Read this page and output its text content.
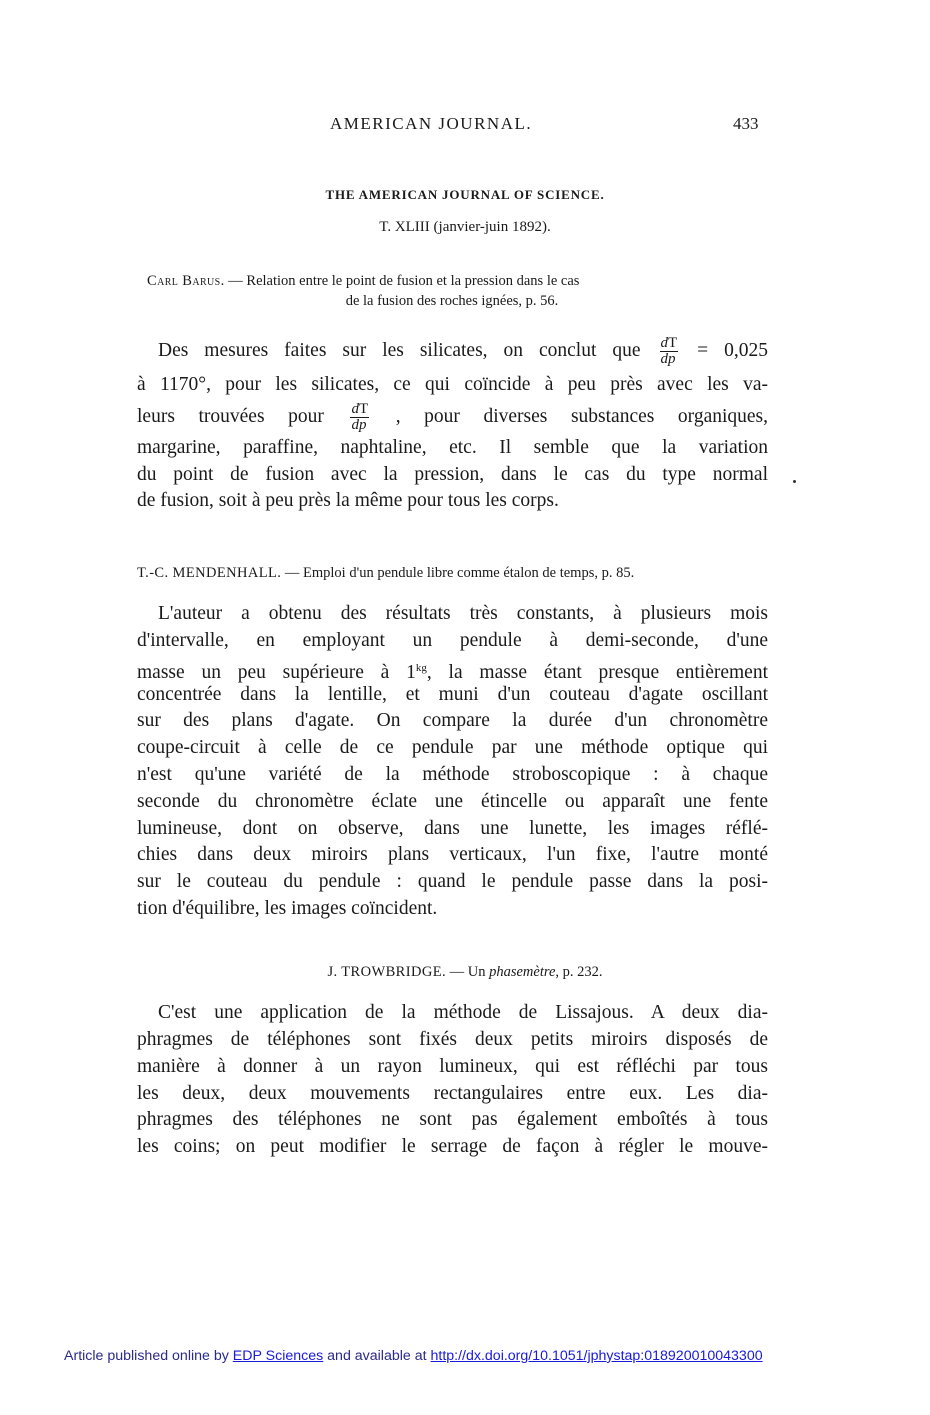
AMERICAN JOURNAL.	433
THE AMERICAN JOURNAL OF SCIENCE.
T. XLIII (janvier-juin 1892).
Carl Barus. — Relation entre le point de fusion et la pression dans le cas
de la fusion des roches ignées, p. 56.
Des mesures faites sur les silicates, on conclut que $\frac{dT}{dp} = 0,025$
à 1170°, pour les silicates, ce qui coïncide à peu près avec les va-
leurs trouvées pour $\frac{dT}{dp}$ , pour diverses substances organiques,
margarine, paraffine, naphtaline, etc. Il semble que la variation
du point de fusion avec la pression, dans le cas du type normal
de fusion, soit à peu près la même pour tous les corps.
T.-C. MENDENHALL. — Emploi d'un pendule libre comme étalon de temps, p. 85.
L'auteur a obtenu des résultats très constants, à plusieurs mois
d'intervalle, en employant un pendule à demi-seconde, d'une
masse un peu supérieure à $1^{kg}$, la masse étant presque entièrement
concentrée dans la lentille, et muni d'un couteau d'agate oscillant
sur des plans d'agate. On compare la durée d'un chronomètre
coupe-circuit à celle de ce pendule par une méthode optique qui
n'est qu'une variété de la méthode stroboscopique : à chaque
seconde du chronomètre éclate une étincelle ou apparaît une fente
lumineuse, dont on observe, dans une lunette, les images réflé-
chies dans deux miroirs plans verticaux, l'un fixe, l'autre monté
sur le couteau du pendule : quand le pendule passe dans la posi-
tion d'équilibre, les images coïncident.
J. TROWBRIDGE. — Un phasemètre, p. 232.
C'est une application de la méthode de Lissajous. A deux dia-
phragmes de téléphones sont fixés deux petits miroirs disposés de
manière à donner à un rayon lumineux, qui est réfléchi par tous
les deux, deux mouvements rectangulaires entre eux. Les dia-
phragmes des téléphones ne sont pas également emboîtés à tous
les coins; on peut modifier le serrage de façon à régler le mouve-
Article published online by EDP Sciences and available at http://dx.doi.org/10.1051/jphystap:018920010043300
